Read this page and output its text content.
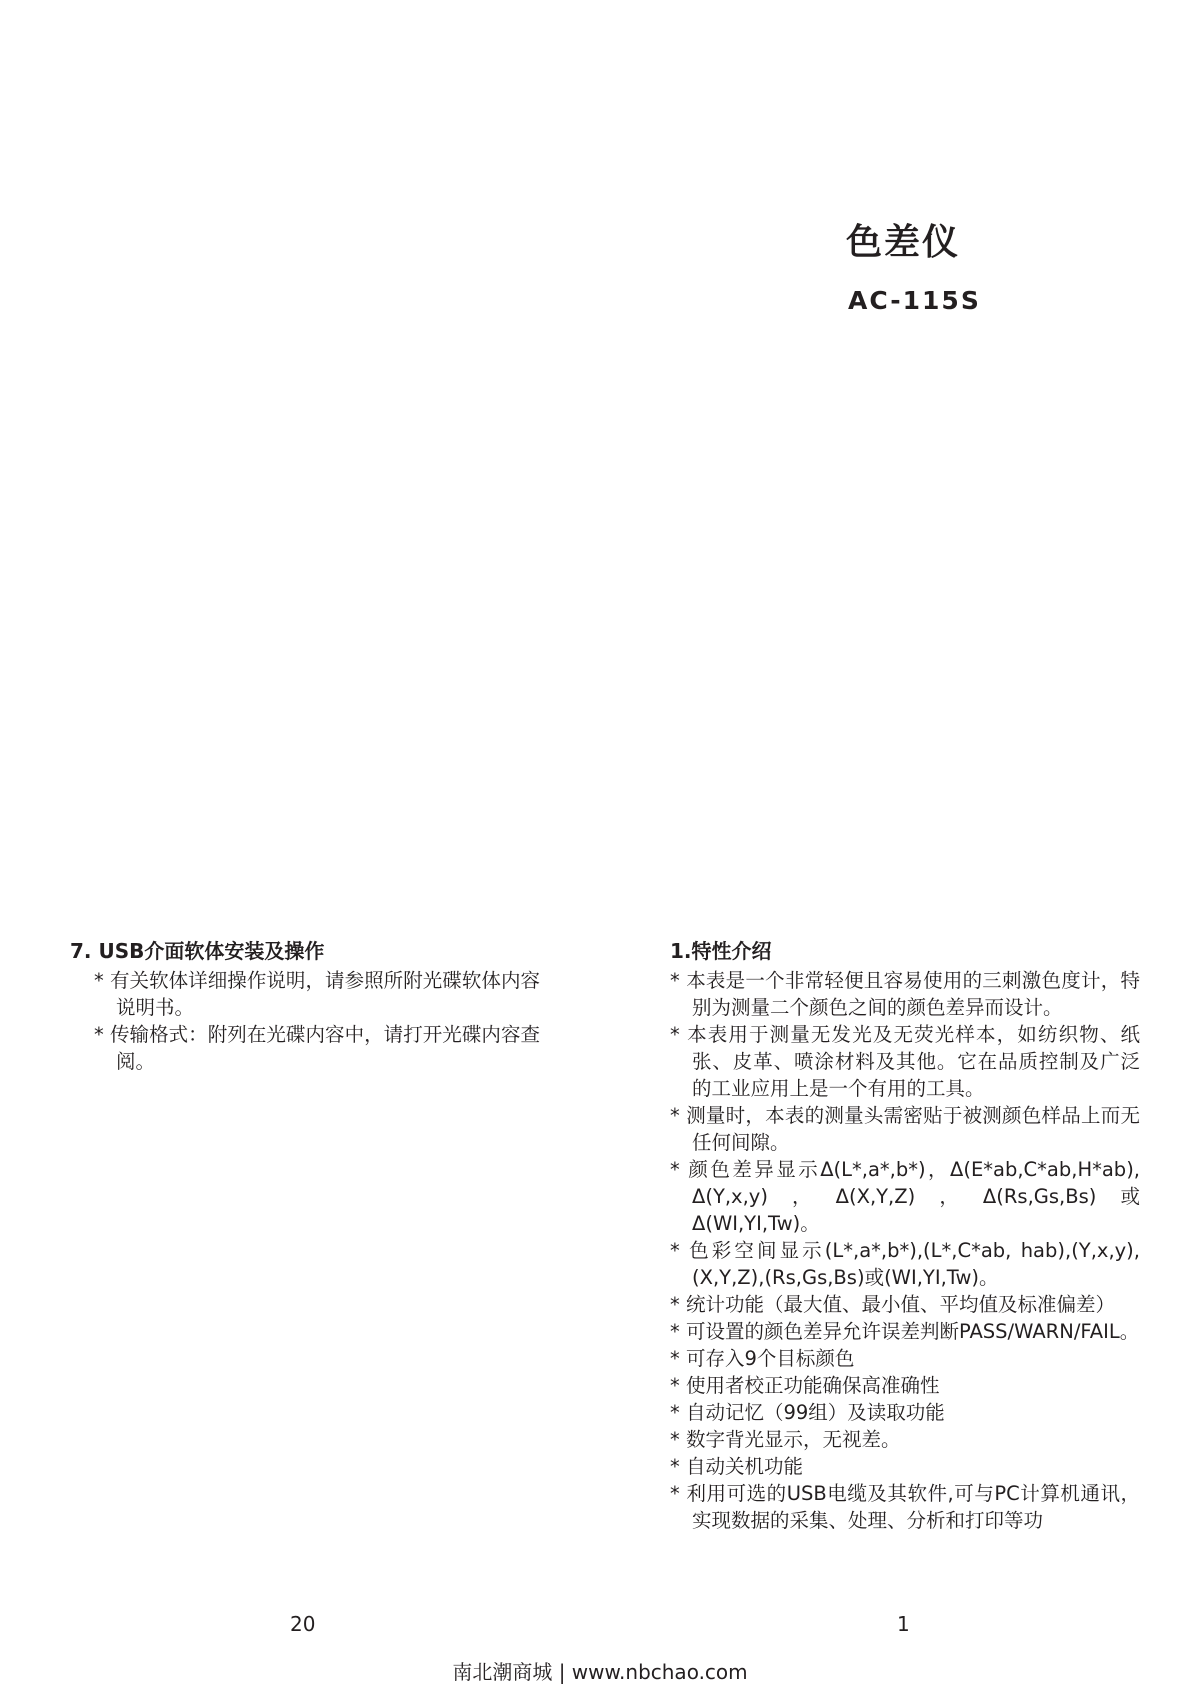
色差仪
AC-115S

7. USB介面软体安装及操作

* 有关软体详细操作说明，请参照所附光碟软体内容说明书。

* 传输格式：附列在光碟内容中，请打开光碟内容查阅。

1.特性介绍

* 本表是一个非常轻便且容易使用的三刺激色度计，特别为测量二个颜色之间的颜色差异而设计。

* 本表用于测量无发光及无荧光样本，如纺织物、纸张、皮革、喷涂材料及其他。它在品质控制及广泛的工业应用上是一个有用的工具。

* 测量时，本表的测量头需密贴于被测颜色样品上而无任何间隙。

* 颜色差异显示Δ(L*,a*,b*)，Δ(E*ab,C*ab,H*ab), Δ(Y,x,y)，Δ(X,Y,Z)，Δ(Rs,Gs,Bs)或Δ(WI,YI,Tw)。

* 色彩空间显示(L*,a*,b*),(L*,C*ab, hab),(Y,x,y),(X,Y,Z),(Rs,Gs,Bs)或(WI,YI,Tw)。

* 统计功能（最大值、最小值、平均值及标准偏差）

* 可设置的颜色差异允许误差判断PASS/WARN/FAIL。

* 可存入9个目标颜色

* 使用者校正功能确保高准确性

* 自动记忆（99组）及读取功能

* 数字背光显示，无视差。

* 自动关机功能

* 利用可选的USB电缆及其软件,可与PC计算机通讯，实现数据的采集、处理、分析和打印等功

20	1
南北潮商城 | www.nbchao.com
